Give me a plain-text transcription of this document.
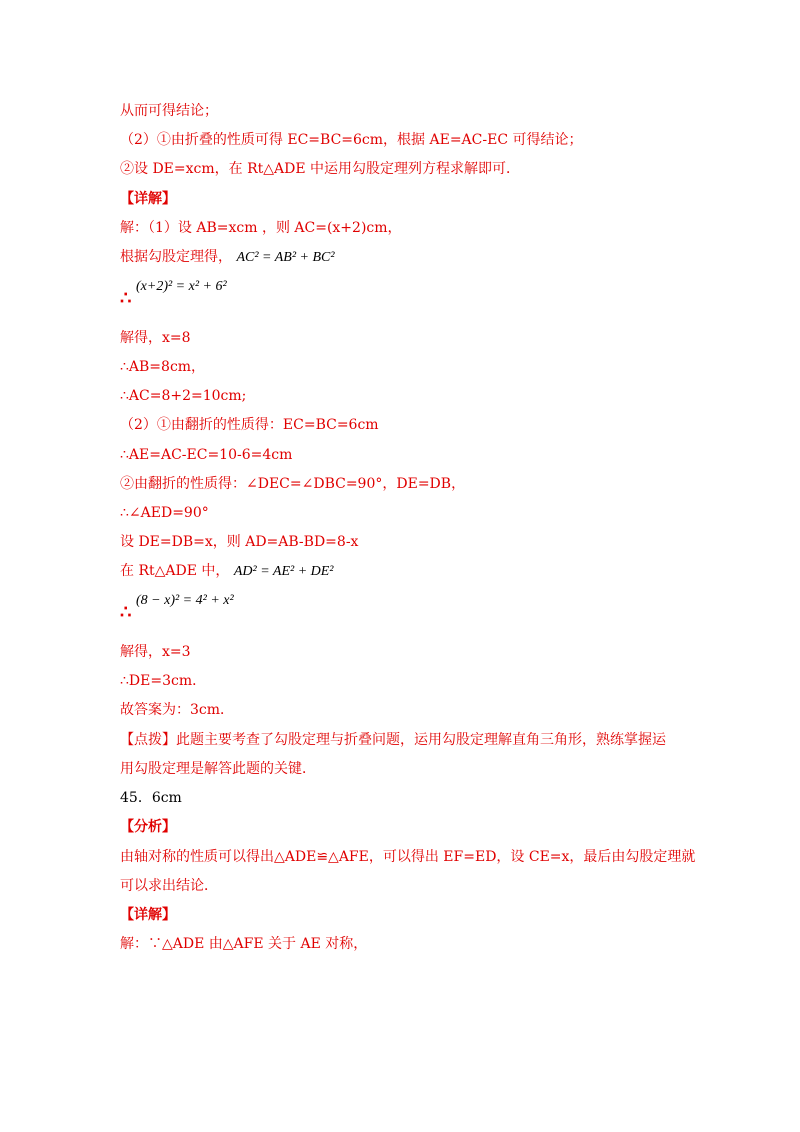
从而可得结论；
（2）①由折叠的性质可得 EC=BC=6cm，根据 AE=AC-EC 可得结论；
②设 DE=xcm，在 Rt△ADE 中运用勾股定理列方程求解即可．
【详解】
解：（1）设 AB=xcm ，则 AC=(x+2)cm，
根据勾股定理得， AC² = AB² + BC²
(x+2)² = x² + 6²
∴
解得，x=8
∴AB=8cm，
∴AC=8+2=10cm;
（2）①由翻折的性质得：EC=BC=6cm
∴AE=AC-EC=10-6=4cm
②由翻折的性质得：∠DEC=∠DBC=90°，DE=DB，
∴∠AED=90°
设 DE=DB=x，则 AD=AB-BD=8-x
在 Rt△ADE 中， AD² = AE² + DE²
(8 − x)² = 4² + x²
∴
解得，x=3
∴DE=3cm．
故答案为：3cm．
【点拨】此题主要考查了勾股定理与折叠问题，运用勾股定理解直角三角形，熟练掌握运
用勾股定理是解答此题的关键．
45．6cm
【分析】
由轴对称的性质可以得出△ADE≌△AFE，可以得出 EF=ED，设 CE=x，最后由勾股定理就
可以求出结论．
【详解】
解：∵△ADE 由△AFE 关于 AE 对称，
